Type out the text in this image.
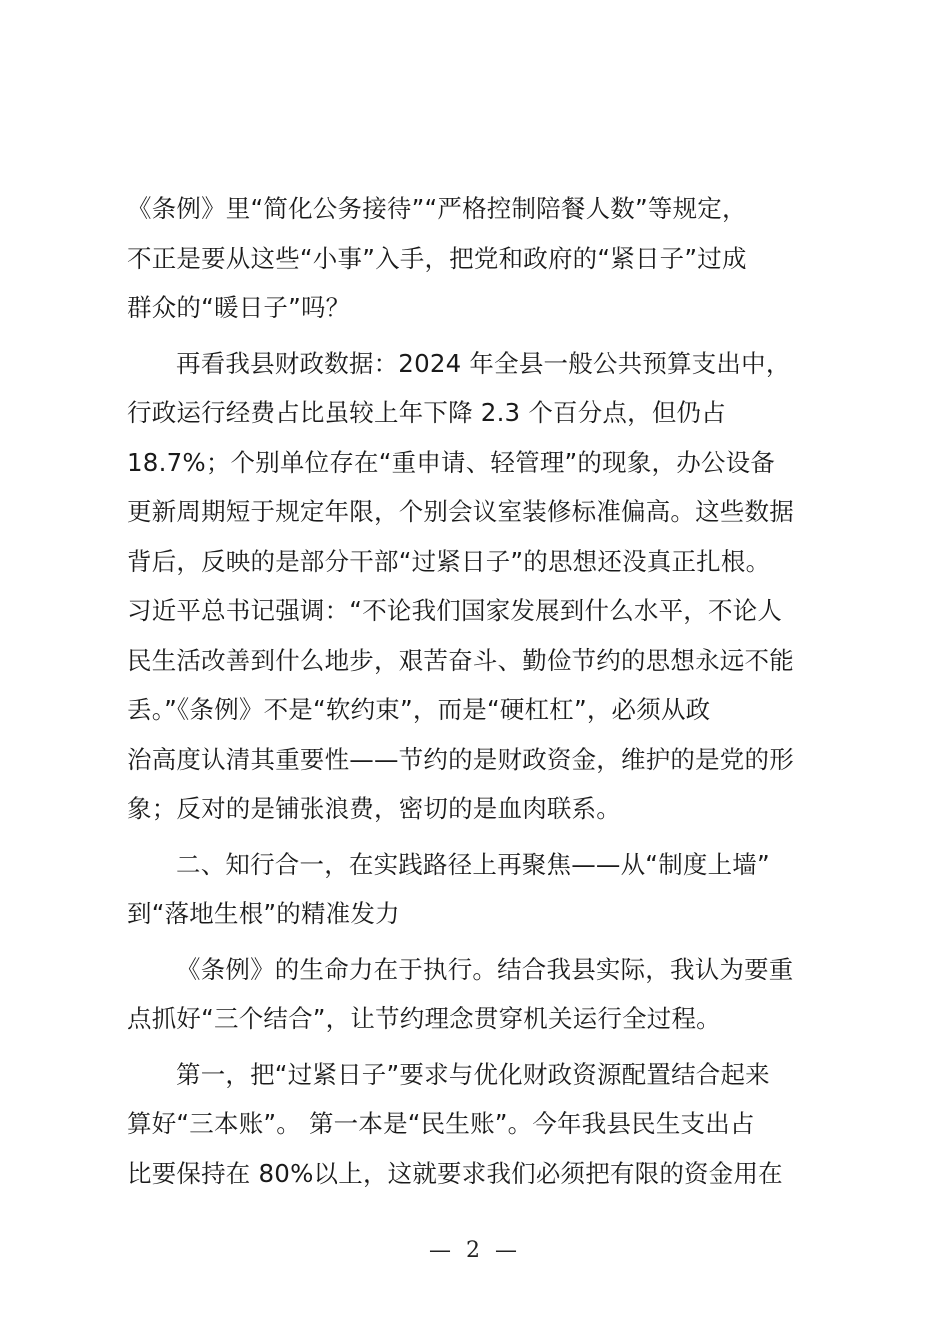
《条例》里“简化公务接待”“严格控制陪餐人数”等规定，
不正是要从这些“小事”入手，把党和政府的“紧日子”过成
群众的“暖日子”吗？

再看我县财政数据：2024 年全县一般公共预算支出中，
行政运行经费占比虽较上年下降 2.3 个百分点，但仍占
18.7%；个别单位存在“重申请、轻管理”的现象，办公设备
更新周期短于规定年限，个别会议室装修标准偏高。这些数据
背后，反映的是部分干部“过紧日子”的思想还没真正扎根。
习近平总书记强调：“不论我们国家发展到什么水平，不论人
民生活改善到什么地步，艰苦奋斗、勤俭节约的思想永远不能
丢。”《条例》不是“软约束”，而是“硬杠杠”，必须从政
治高度认清其重要性——节约的是财政资金，维护的是党的形
象；反对的是铺张浪费，密切的是血肉联系。

二、知行合一，在实践路径上再聚焦——从“制度上墙”
到“落地生根”的精准发力

《条例》的生命力在于执行。结合我县实际，我认为要重
点抓好“三个结合”，让节约理念贯穿机关运行全过程。

第一，把“过紧日子”要求与优化财政资源配置结合起来
算好“三本账”。 第一本是“民生账”。今年我县民生支出占
比要保持在 80%以上，这就要求我们必须把有限的资金用在

— 2 —
